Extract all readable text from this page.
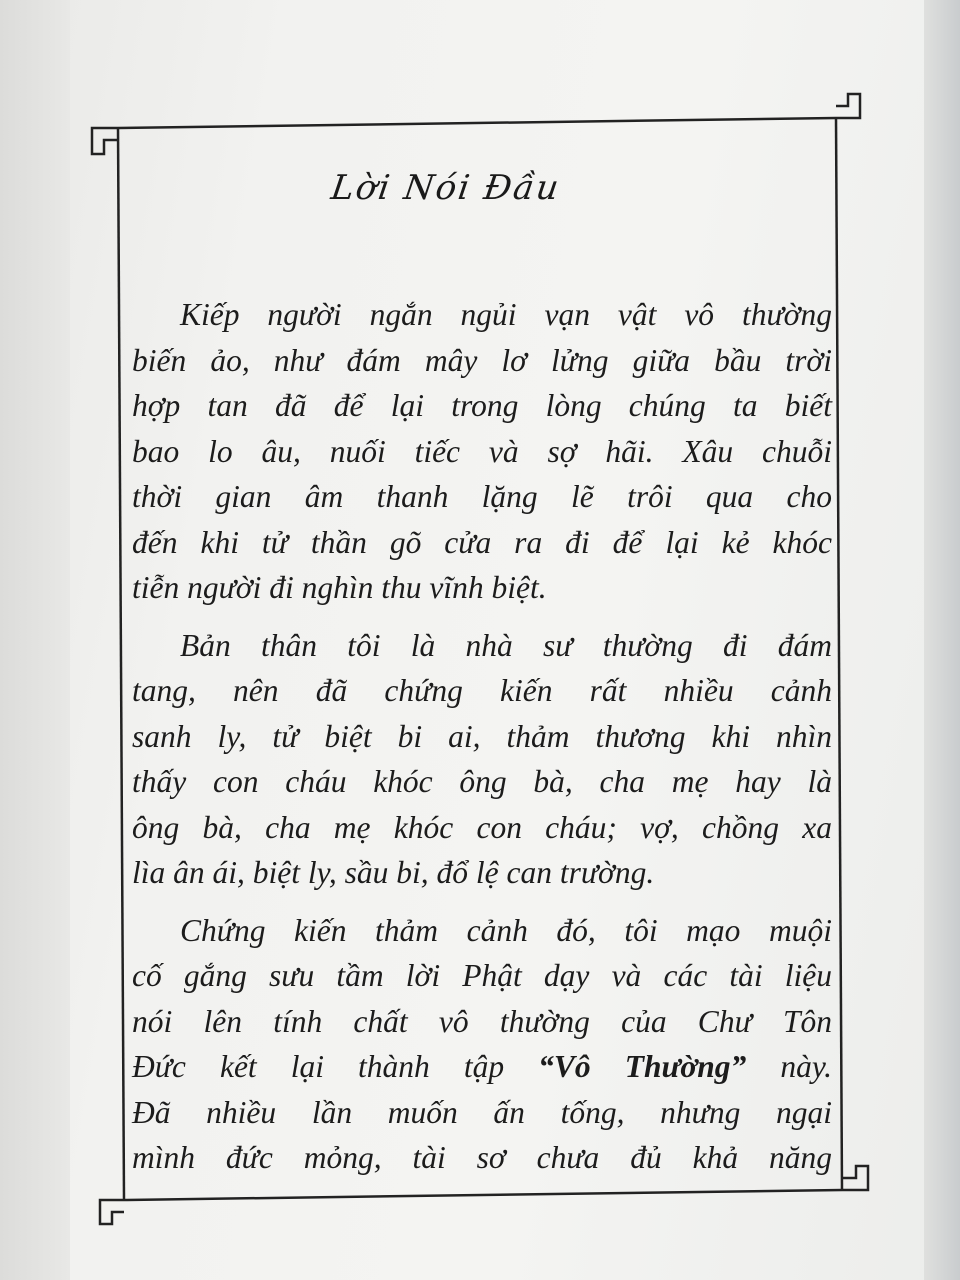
Lời Nói Đầu

Kiếp người ngắn ngủi vạn vật vô thường
biến ảo, như đám mây lơ lửng giữa bầu trời
hợp tan đã để lại trong lòng chúng ta biết
bao lo âu, nuối tiếc và sợ hãi. Xâu chuỗi
thời gian âm thanh lặng lẽ trôi qua cho
đến khi tử thần gõ cửa ra đi để lại kẻ khóc
tiễn người đi nghìn thu vĩnh biệt.

Bản thân tôi là nhà sư thường đi đám
tang, nên đã chứng kiến rất nhiều cảnh
sanh ly, tử biệt bi ai, thảm thương khi nhìn
thấy con cháu khóc ông bà, cha mẹ hay là
ông bà, cha mẹ khóc con cháu; vợ, chồng xa
lìa ân ái, biệt ly, sầu bi, đổ lệ can trường.

Chứng kiến thảm cảnh đó, tôi mạo muội
cố gắng sưu tầm lời Phật dạy và các tài liệu
nói lên tính chất vô thường của Chư Tôn
Đức kết lại thành tập “Vô Thường” này.
Đã nhiều lần muốn ấn tống, nhưng ngại
mình đức mỏng, tài sơ chưa đủ khả năng
